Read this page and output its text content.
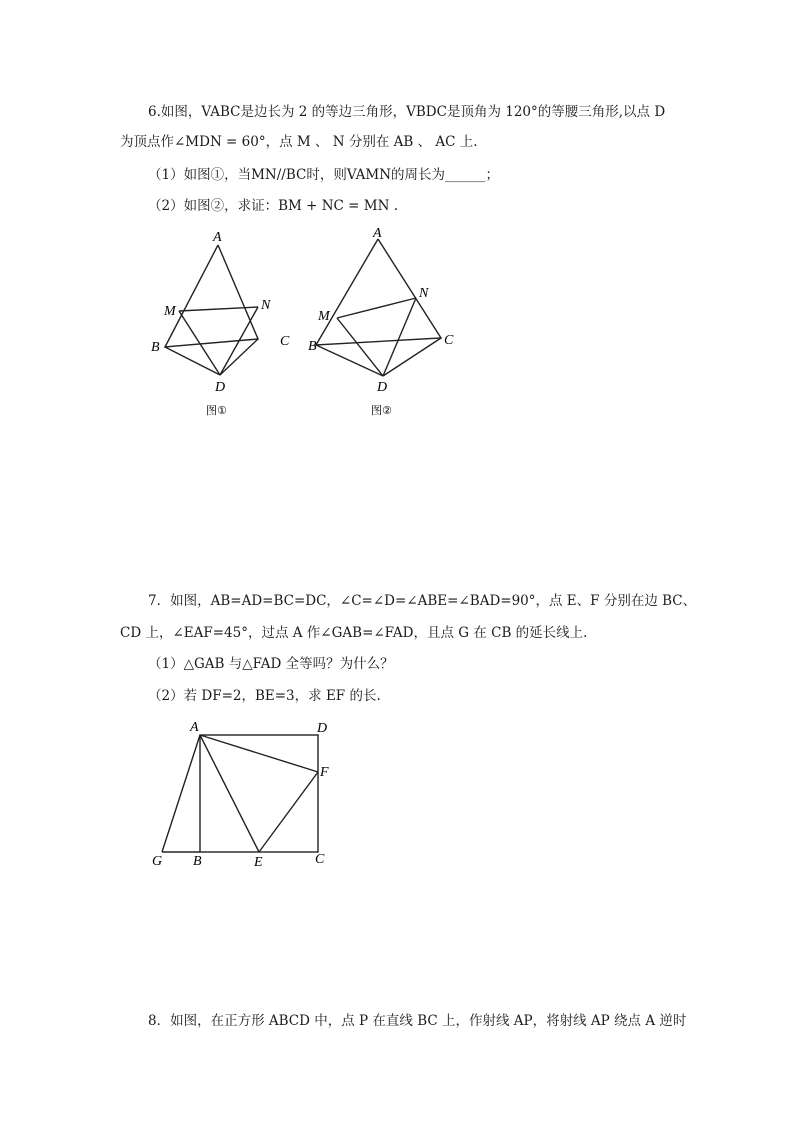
6.如图，VABC是边长为 2 的等边三角形，VBDC是顶角为 120°的等腰三角形,以点 D
为顶点作∠MDN = 60°，点 M 、 N 分别在 AB 、 AC 上.
（1）如图①，当MN//BC时，则VAMN的周长为______；
（2）如图②，求证：BM + NC = MN .
A
M	N
B	C
D
图①
A
M
N
B	C
D
图②
7．如图，AB=AD=BC=DC，∠C=∠D=∠ABE=∠BAD=90°，点 E、F 分别在边 BC、
CD 上，∠EAF=45°，过点 A 作∠GAB=∠FAD，且点 G 在 CB 的延长线上.
（1）△GAB 与△FAD 全等吗？为什么？
（2）若 DF=2，BE=3，求 EF 的长.
A	D
F
G B	E	C
8．如图，在正方形 ABCD 中，点 P 在直线 BC 上，作射线 AP，将射线 AP 绕点 A 逆时
